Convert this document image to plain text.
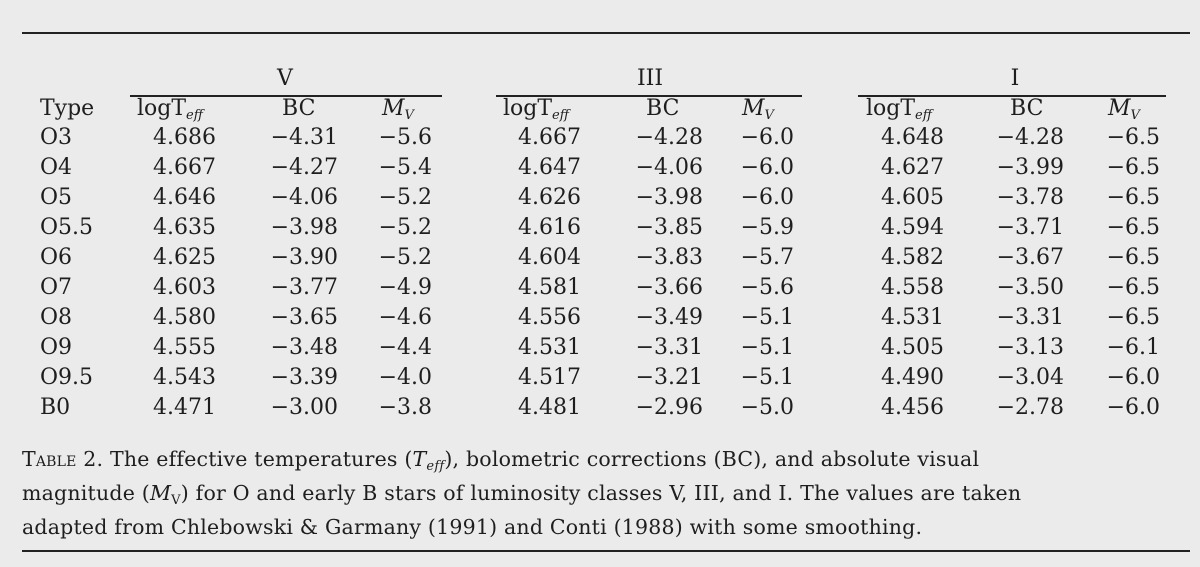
V	III	I
Type logT$_{eff}$	BC	$M_V$	logT$_{eff}$	BC	$M_V$	logT$_{eff}$	BC	$M_V$
O3	4.686	−4.31	−5.6	4.667	−4.28	−6.0	4.648	−4.28	−6.5
O4	4.667	−4.27	−5.4	4.647	−4.06	−6.0	4.627	−3.99	−6.5
O5	4.646	−4.06	−5.2	4.626	−3.98	−6.0	4.605	−3.78	−6.5
O5.5	4.635	−3.98	−5.2	4.616	−3.85	−5.9	4.594	−3.71	−6.5
O6	4.625	−3.90	−5.2	4.604	−3.83	−5.7	4.582	−3.67	−6.5
O7	4.603	−3.77	−4.9	4.581	−3.66	−5.6	4.558	−3.50	−6.5
O8	4.580	−3.65	−4.6	4.556	−3.49	−5.1	4.531	−3.31	−6.5
O9	4.555	−3.48	−4.4	4.531	−3.31	−5.1	4.505	−3.13	−6.1
O9.5	4.543	−3.39	−4.0	4.517	−3.21	−5.1	4.490	−3.04	−6.0
B0	4.471	−3.00	−3.8	4.481	−2.96	−5.0	4.456	−2.78	−6.0
Table 2. The effective temperatures $(T_{eff})$, bolometric corrections (BC), and absolute visual
magnitude $(M_V)$ for O and early B stars of luminosity classes V, III, and I. The values are taken
adapted from Chlebowski & Garmany (1991) and Conti (1988) with some smoothing.
